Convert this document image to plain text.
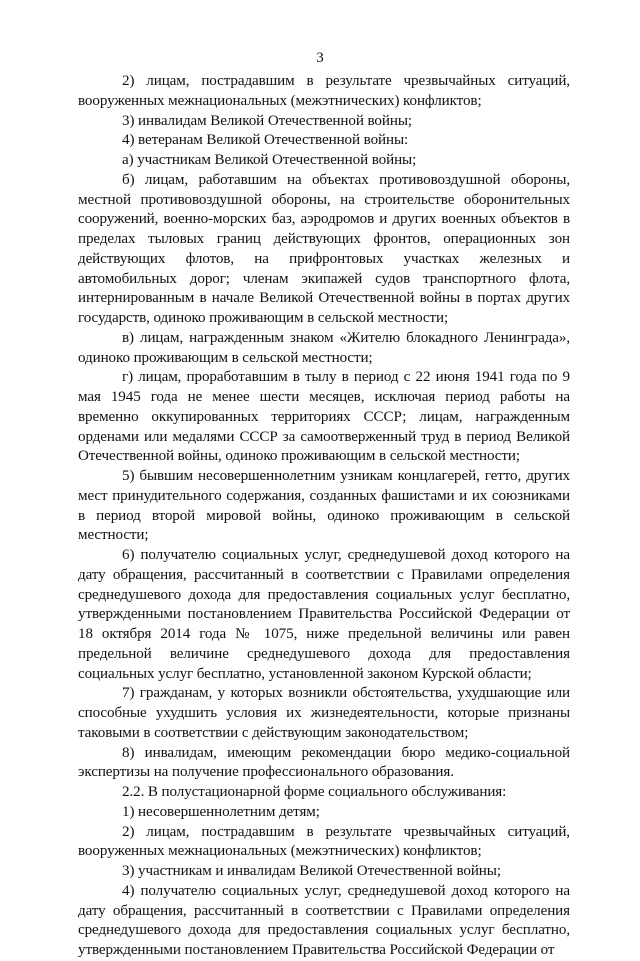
3

2) лицам, пострадавшим в результате чрезвычайных ситуаций, вооруженных межнациональных (межэтнических) конфликтов;

3) инвалидам Великой Отечественной войны;

4) ветеранам Великой Отечественной войны:

а) участникам Великой Отечественной войны;

б) лицам, работавшим на объектах противовоздушной обороны, местной противовоздушной обороны, на строительстве оборонительных сооружений, военно-морских баз, аэродромов и других военных объектов в пределах тыловых границ действующих фронтов, операционных зон действующих флотов, на прифронтовых участках железных и автомобильных дорог; членам экипажей судов транспортного флота, интернированным в начале Великой Отечественной войны в портах других государств, одиноко проживающим в сельской местности;

в) лицам, награжденным знаком «Жителю блокадного Ленинграда», одиноко проживающим в сельской местности;

г) лицам, проработавшим в тылу в период с 22 июня 1941 года по 9 мая 1945 года не менее шести месяцев, исключая период работы на временно оккупированных территориях СССР; лицам, награжденным орденами или медалями СССР за самоотверженный труд в период Великой Отечественной войны, одиноко проживающим в сельской местности;

5) бывшим несовершеннолетним узникам концлагерей, гетто, других мест принудительного содержания, созданных фашистами и их союзниками в период второй мировой войны, одиноко проживающим в сельской местности;

6) получателю социальных услуг, среднедушевой доход которого на дату обращения, рассчитанный в соответствии с Правилами определения среднедушевого дохода для предоставления социальных услуг бесплатно, утвержденными постановлением Правительства Российской Федерации от 18 октября 2014 года № 1075, ниже предельной величины или равен предельной величине среднедушевого дохода для предоставления социальных услуг бесплатно, установленной законом Курской области;

7) гражданам, у которых возникли обстоятельства, ухудшающие или способные ухудшить условия их жизнедеятельности, которые признаны таковыми в соответствии с действующим законодательством;

8) инвалидам, имеющим рекомендации бюро медико-социальной экспертизы на получение профессионального образования.

2.2. В полустационарной форме социального обслуживания:

1) несовершеннолетним детям;

2) лицам, пострадавшим в результате чрезвычайных ситуаций, вооруженных межнациональных (межэтнических) конфликтов;

3) участникам и инвалидам Великой Отечественной войны;

4) получателю социальных услуг, среднедушевой доход которого на дату обращения, рассчитанный в соответствии с Правилами определения среднедушевого дохода для предоставления социальных услуг бесплатно, утвержденными постановлением Правительства Российской Федерации от
